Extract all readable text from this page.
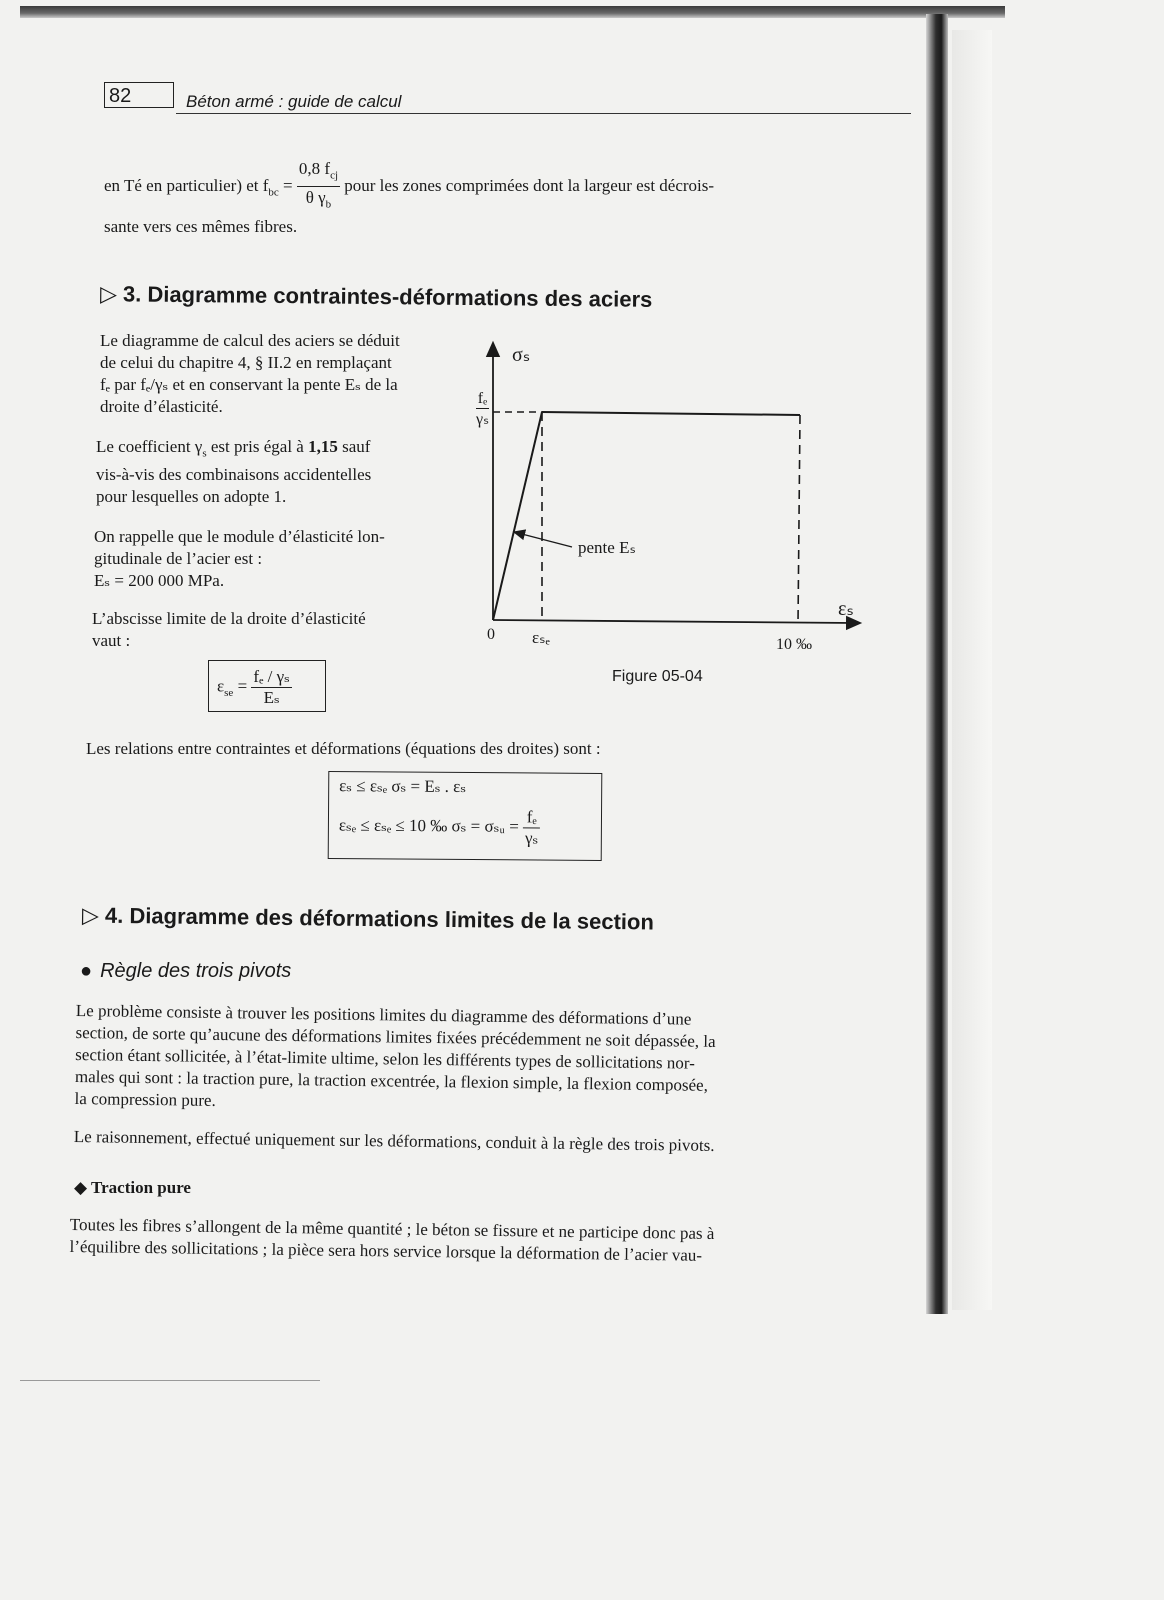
82	Béton armé : guide de calcul
en Té en particulier) et $f_{bc} = \frac{0,8 f_{cj}}{\theta \gamma_b}$ pour les zones comprimées dont la largeur est décrois-
sante vers ces mêmes fibres.
▷ 3. Diagramme contraintes-déformations des aciers
Le diagramme de calcul des aciers se déduit
de celui du chapitre 4, § II.2 en remplaçant
fₑ par fₑ/γₛ et en conservant la pente Eₛ de la
droite d’élasticité.
Le coefficient $\gamma_s$ est pris égal à 1,15 sauf
vis-à-vis des combinaisons accidentelles
pour lesquelles on adopte 1.
On rappelle que le module d’élasticité lon-
gitudinale de l’acier est :
Eₛ = 200 000 MPa.
L’abscisse limite de la droite d’élasticité
vaut :
$\varepsilon_{se} = \frac{\text{fₑ / γₛ}}{\text{Eₛ}}$
Les relations entre contraintes et déformations (équations des droites) sont :
εₛ ≤ εₛₑ σₛ = Eₛ . εₛ
εₛₑ ≤ εₛₑ ≤ 10 ‰ σₛ = σₛᵤ = $\frac{\text{fₑ}}{\text{γₛ}}$
σₛ
εₛ
fₑ
γₛ
0 εₛₑ	10 ‰
pente Eₛ
Figure 05-04
▷ 4. Diagramme des déformations limites de la section
● Règle des trois pivots
Le problème consiste à trouver les positions limites du diagramme des déformations d’une
section, de sorte qu’aucune des déformations limites fixées précédemment ne soit dépassée, la
section étant sollicitée, à l’état-limite ultime, selon les différents types de sollicitations nor-
males qui sont : la traction pure, la traction excentrée, la flexion simple, la flexion composée,
la compression pure.
Le raisonnement, effectué uniquement sur les déformations, conduit à la règle des trois pivots.
◆ Traction pure
Toutes les fibres s’allongent de la même quantité ; le béton se fissure et ne participe donc pas à
l’équilibre des sollicitations ; la pièce sera hors service lorsque la déformation de l’acier vau-
